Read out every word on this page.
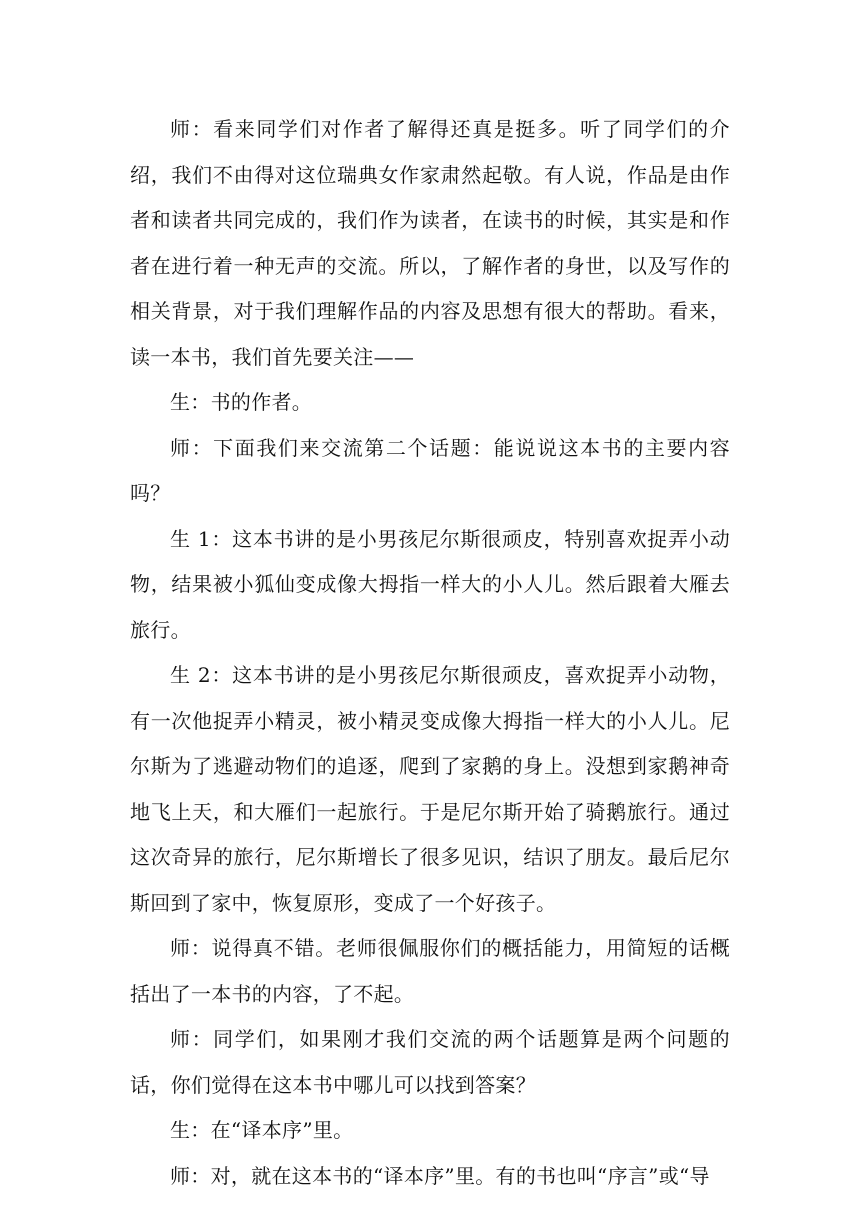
师：看来同学们对作者了解得还真是挺多。听了同学们的介绍，我们不由得对这位瑞典女作家肃然起敬。有人说，作品是由作者和读者共同完成的，我们作为读者，在读书的时候，其实是和作者在进行着一种无声的交流。所以，了解作者的身世，以及写作的相关背景，对于我们理解作品的内容及思想有很大的帮助。看来，读一本书，我们首先要关注——

生：书的作者。

师：下面我们来交流第二个话题：能说说这本书的主要内容吗？

生 1：这本书讲的是小男孩尼尔斯很顽皮，特别喜欢捉弄小动物，结果被小狐仙变成像大拇指一样大的小人儿。然后跟着大雁去旅行。

生 2：这本书讲的是小男孩尼尔斯很顽皮，喜欢捉弄小动物，有一次他捉弄小精灵，被小精灵变成像大拇指一样大的小人儿。尼尔斯为了逃避动物们的追逐，爬到了家鹅的身上。没想到家鹅神奇地飞上天，和大雁们一起旅行。于是尼尔斯开始了骑鹅旅行。通过这次奇异的旅行，尼尔斯增长了很多见识，结识了朋友。最后尼尔斯回到了家中，恢复原形，变成了一个好孩子。

师：说得真不错。老师很佩服你们的概括能力，用简短的话概括出了一本书的内容，了不起。

师：同学们，如果刚才我们交流的两个话题算是两个问题的话，你们觉得在这本书中哪儿可以找到答案？

生：在“译本序”里。

师：对，就在这本书的“译本序”里。有的书也叫“序言”或“导
